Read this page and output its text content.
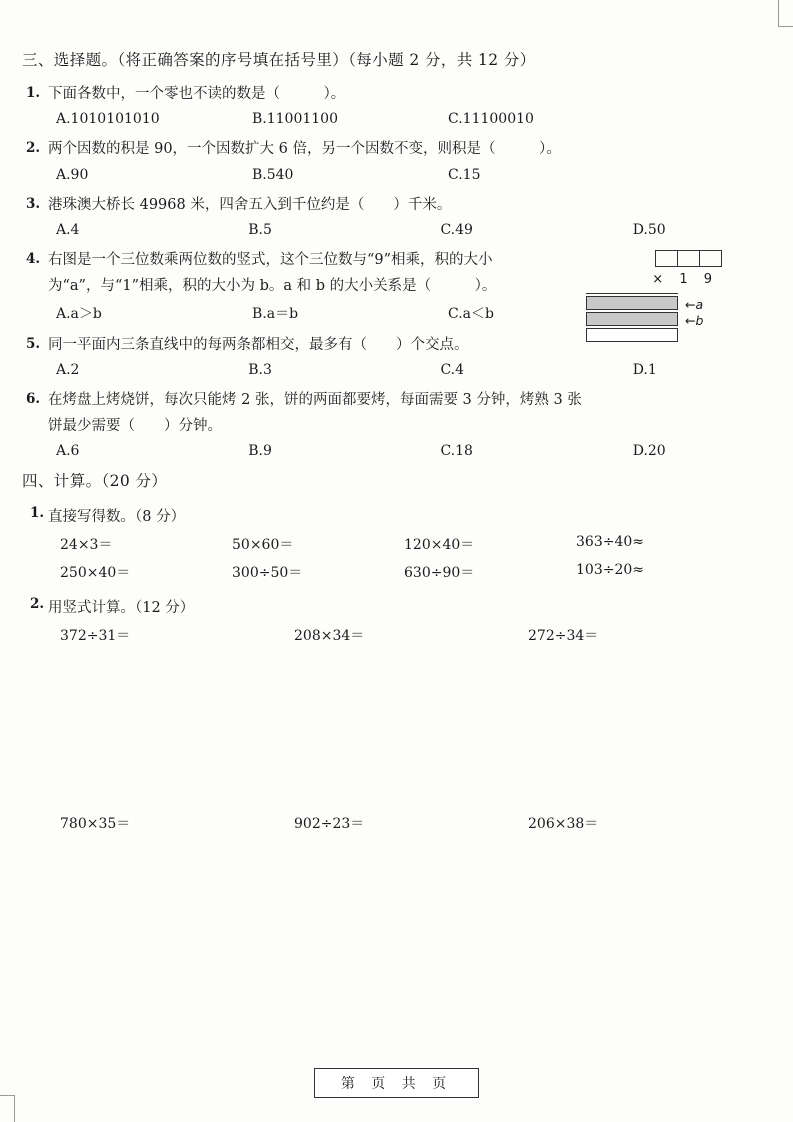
三、选择题。（将正确答案的序号填在括号里）（每小题 2 分，共 12 分）
1. 下面各数中，一个零也不读的数是（　　　）。
A.1010101010	B.11001100	C.11100010
2. 两个因数的积是 90，一个因数扩大 6 倍，另一个因数不变，则积是（　　　）。
A.90	B.540	C.15
3. 港珠澳大桥长 49968 米，四舍五入到千位约是（　　）千米。
A.4	B.5	C.49	D.50
4. 右图是一个三位数乘两位数的竖式，这个三位数与“9”相乘，积的大小
为“a”，与“1”相乘，积的大小为 b。a 和 b 的大小关系是（　　　）。	× 1 9
←a
←b
A.a＞b	B.a＝b	C.a＜b
5. 同一平面内三条直线中的每两条都相交，最多有（　　）个交点。
A.2	B.3	C.4	D.1
6. 在烤盘上烤烧饼，每次只能烤 2 张，饼的两面都要烤，每面需要 3 分钟，烤熟 3 张
饼最少需要（　　）分钟。
A.6	B.9	C.18	D.20
四、计算。（20 分）
1. 直接写得数。（8 分）
24×3＝	50×60＝	120×40＝	363÷40≈
250×40＝	300÷50＝	630÷90＝	103÷20≈
2. 用竖式计算。（12 分）
372÷31＝	208×34＝	272÷34＝
780×35＝	902÷23＝	206×38＝
第 页 共 页
